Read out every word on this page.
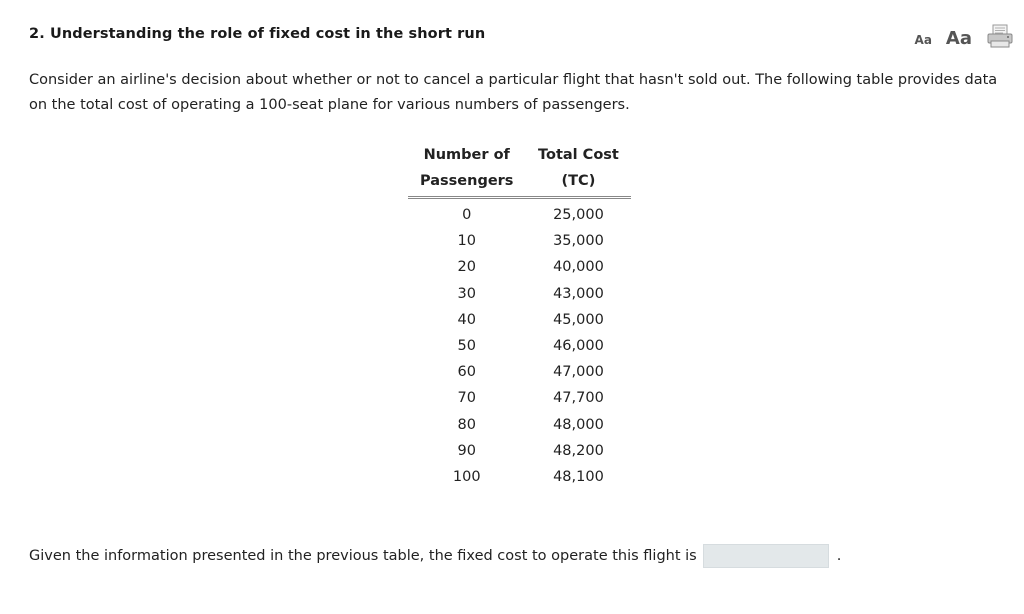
2. Understanding the role of fixed cost in the short run	Aa Aa
Consider an airline's decision about whether or not to cancel a particular flight that hasn't sold out. The following table provides data on the total cost of operating a 100-seat plane for various numbers of passengers.
Number of	Total Cost
Passengers	(TC)
0	25,000
10	35,000
20	40,000
30	43,000
40	45,000
50	46,000
60	47,000
70	47,700
80	48,000
90	48,200
100	48,100
Given the information presented in the previous table, the fixed cost to operate this flight is	.
